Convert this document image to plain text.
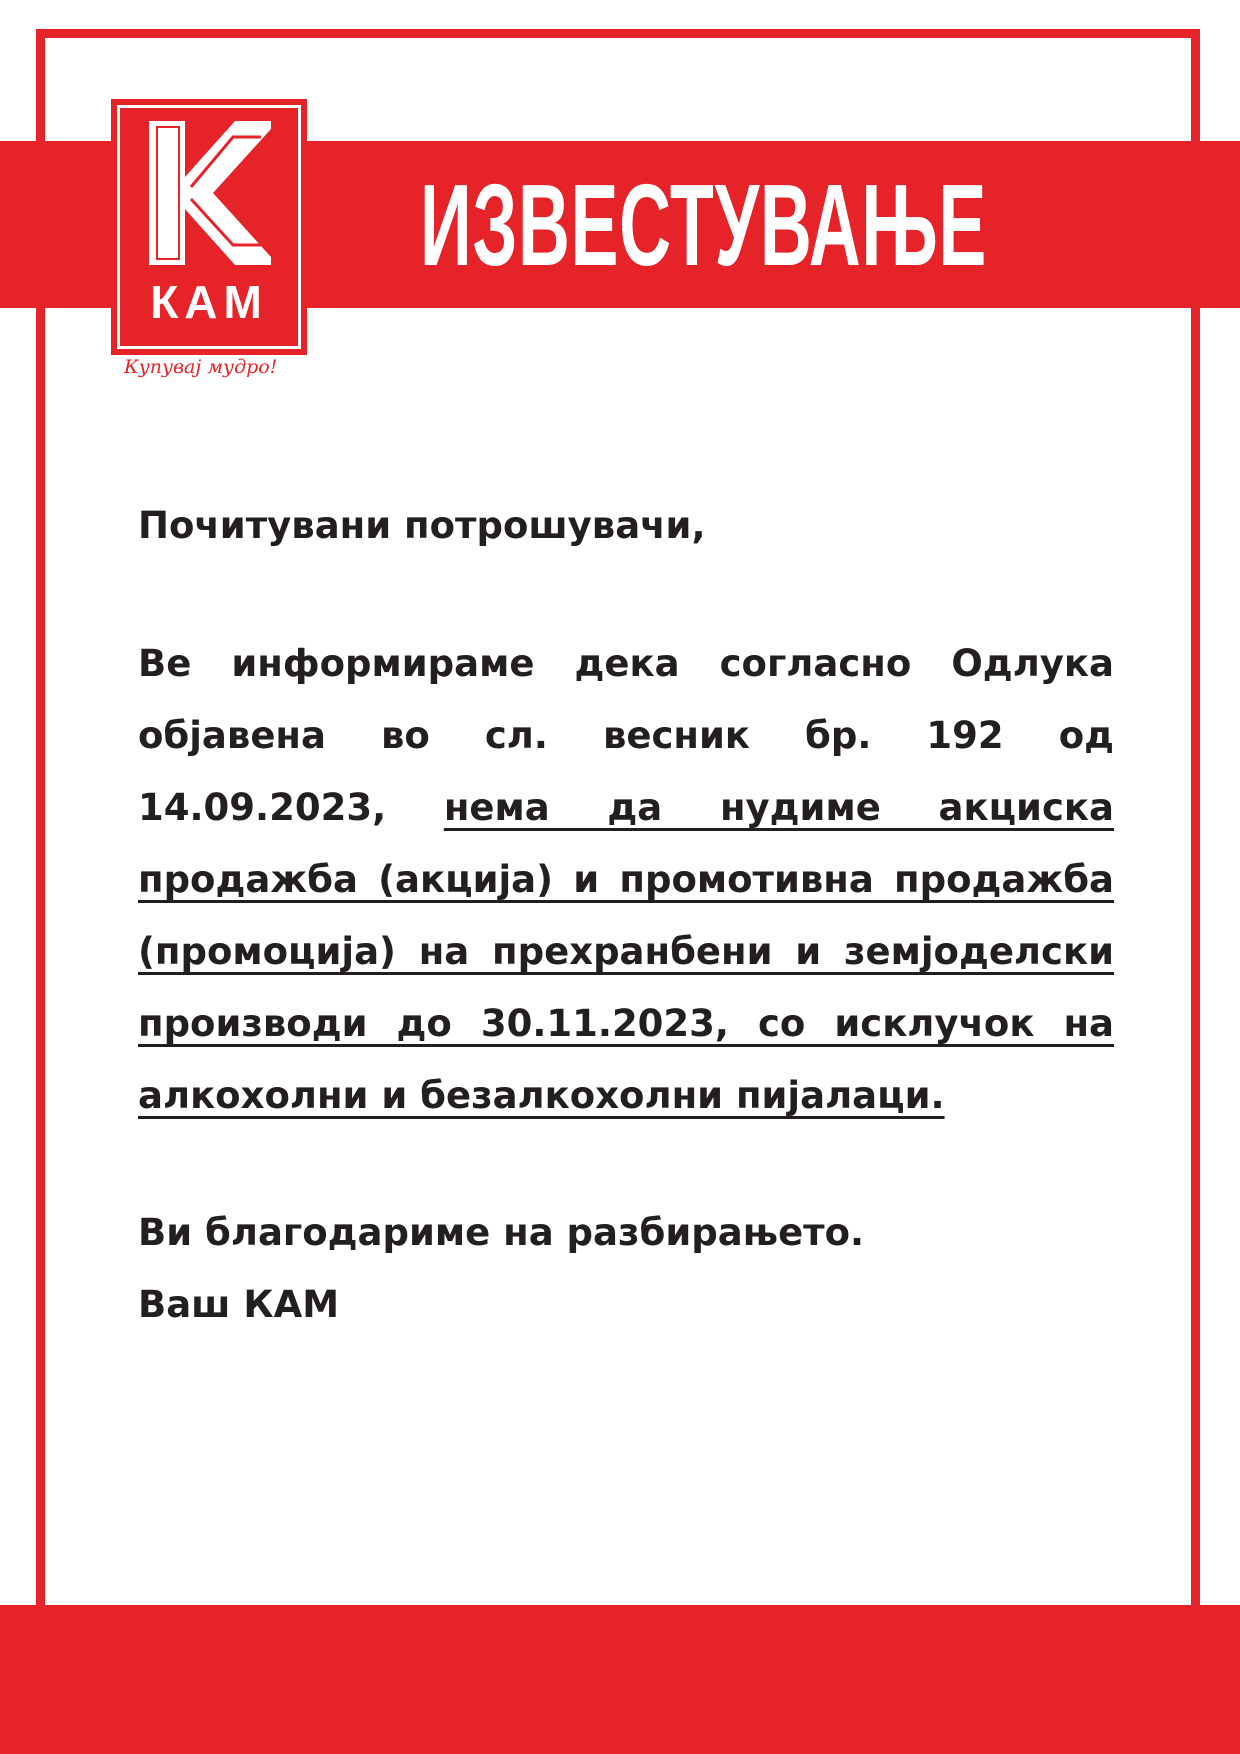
ИЗВЕСТУВАЊЕ
КАМ
Купувај мудро!

Почитувани потрошувачи,

Ве информираме дека согласно Одлука објавена во сл. весник бр. 192 од 14.09.2023, нема да нудиме акциска продажба (акција) и промотивна продажба (промоција) на прехранбени и земјоделски производи до 30.11.2023, со исклучок на алкохолни и безалкохолни пијалаци.

Ви благодариме на разбирањето.

Ваш КАМ
